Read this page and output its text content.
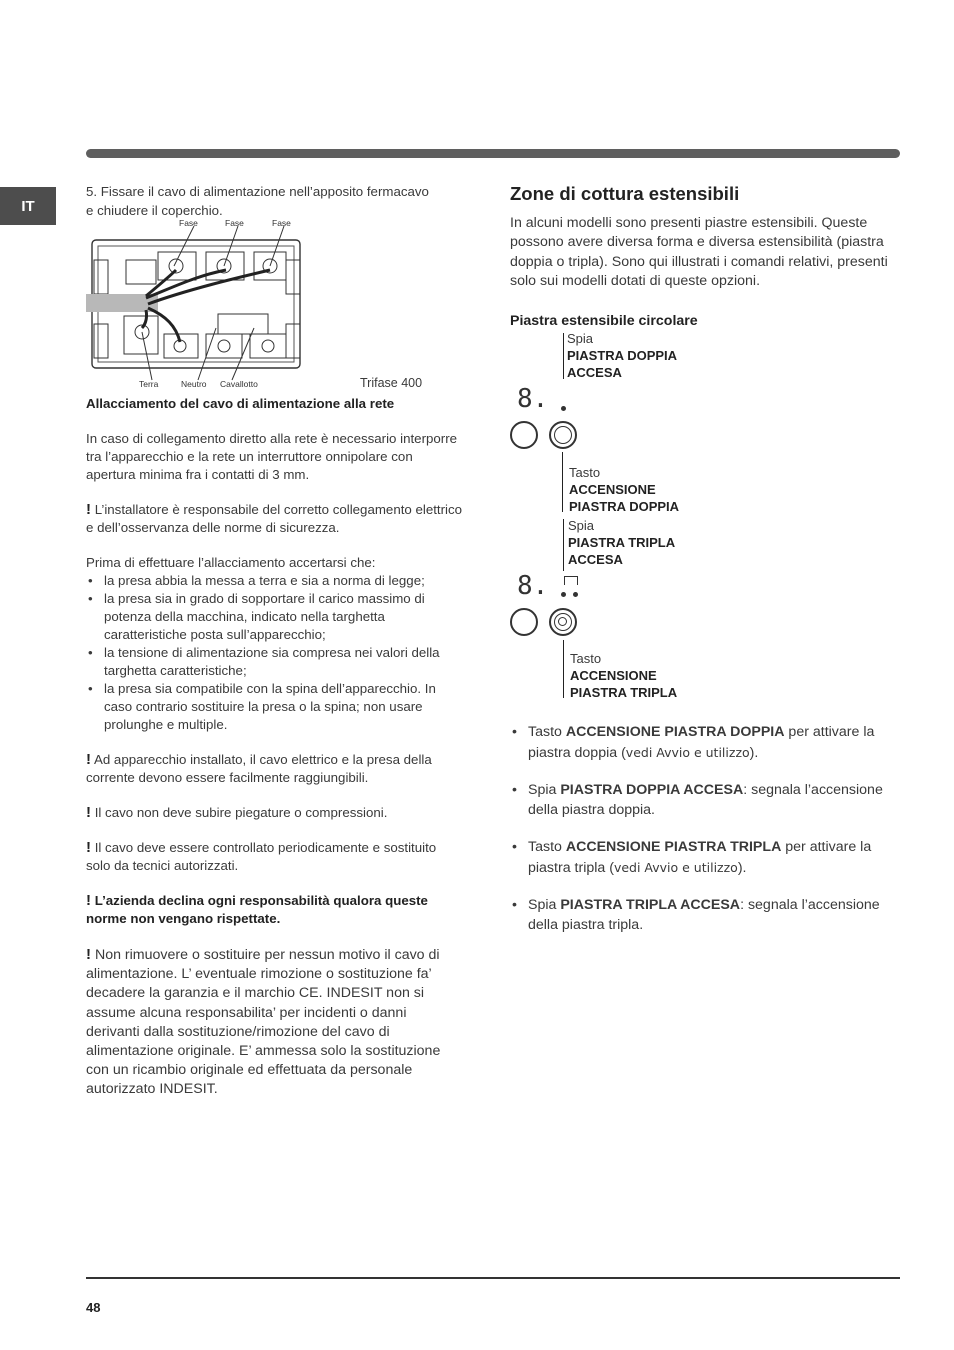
IT
5. Fissare il cavo di alimentazione nell’apposito fermacavo
e chiudere il coperchio.
Fase	Fase	Fase
Terra	Neutro Cavallotto	Trifase 400
Allacciamento del cavo di alimentazione alla rete

In caso di collegamento diretto alla rete è necessario interporre tra l’apparecchio e la rete un interruttore onnipolare con apertura minima fra i contatti di 3 mm.

! L’installatore è responsabile del corretto collegamento elettrico e dell’osservanza delle norme di sicurezza.

Prima di effettuare l’allacciamento accertarsi che:

• la presa abbia la messa a terra e sia a norma di legge;
• la presa sia in grado di sopportare il carico massimo di potenza della macchina, indicato nella targhetta caratteristiche posta sull’apparecchio;
• la tensione di alimentazione sia compresa nei valori della targhetta caratteristiche;
• la presa sia compatibile con la spina dell’apparecchio. In caso contrario sostituire la presa o la spina; non usare prolunghe e multiple.

! Ad apparecchio installato, il cavo elettrico e la presa della corrente devono essere facilmente raggiungibili.

! Il cavo non deve subire piegature o compressioni.

! Il cavo deve essere controllato periodicamente e sostituito solo da tecnici autorizzati.

! L’azienda declina ogni responsabilità qualora queste norme non vengano rispettate.

! Non rimuovere o sostituire per nessun motivo il cavo di alimentazione. L’ eventuale rimozione o sostituzione fa’ decadere la garanzia e il marchio CE. INDESIT non si assume alcuna responsabilita’ per incidenti o danni derivanti dalla sostituzione/rimozione del cavo di alimentazione originale. E’ ammessa solo la sostituzione con un ricambio originale ed effettuata da personale autorizzato INDESIT.

Zone di cottura estensibili
In alcuni modelli sono presenti piastre estensibili. Queste possono avere diversa forma e diversa estensibilità (piastra doppia o tripla). Sono qui illustrati i comandi relativi, presenti solo sui modelli dotati di queste opzioni.
Piastra estensibile circolare
Spia
PIASTRA DOPPIA
ACCESA
8.
Tasto
ACCENSIONE
PIASTRA DOPPIA
Spia
PIASTRA TRIPLA
ACCESA
8.
Tasto
ACCENSIONE
PIASTRA TRIPLA
• Tasto ACCENSIONE PIASTRA DOPPIA per attivare la piastra doppia (vedi Avvio e utilizzo).
• Spia PIASTRA DOPPIA ACCESA: segnala l’accensione della piastra doppia.
• Tasto ACCENSIONE PIASTRA TRIPLA per attivare la piastra tripla (vedi Avvio e utilizzo).
• Spia PIASTRA TRIPLA ACCESA: segnala l’accensione della piastra tripla.
48
